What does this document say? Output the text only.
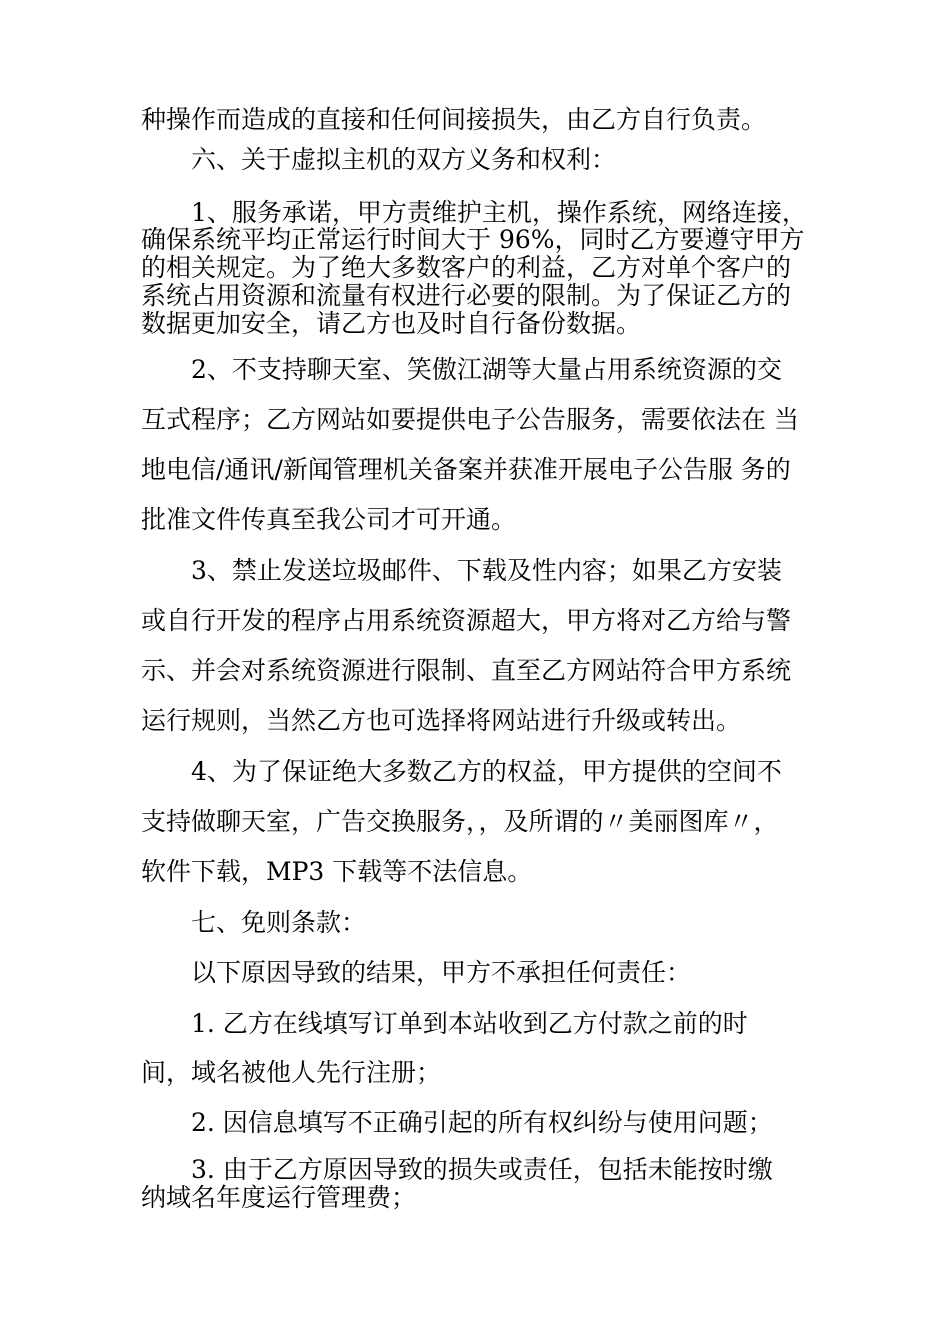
种操作而造成的直接和任何间接损失，由乙方自行负责。
六、关于虚拟主机的双方义务和权利：
1、服务承诺，甲方责维护主机，操作系统，网络连接，
确保系统平均正常运行时间大于 96%，同时乙方要遵守甲方
的相关规定。为了绝大多数客户的利益，乙方对单个客户的
系统占用资源和流量有权进行必要的限制。为了保证乙方的
数据更加安全，请乙方也及时自行备份数据。
2、不支持聊天室、笑傲江湖等大量占用系统资源的交
互式程序；乙方网站如要提供电子公告服务，需要依法在 当
地电信/通讯/新闻管理机关备案并获准开展电子公告服 务的
批准文件传真至我公司才可开通。
3、禁止发送垃圾邮件、下载及性内容；如果乙方安装
或自行开发的程序占用系统资源超大，甲方将对乙方给与警
示、并会对系统资源进行限制、直至乙方网站符合甲方系统
运行规则，当然乙方也可选择将网站进行升级或转出。
4、为了保证绝大多数乙方的权益，甲方提供的空间不
支持做聊天室，广告交换服务，，及所谓的〃美丽图库〃，
软件下载，MP3 下载等不法信息。
七、免则条款：
以下原因导致的结果，甲方不承担任何责任：
1. 乙方在线填写订单到本站收到乙方付款之前的时
间，域名被他人先行注册；
2. 因信息填写不正确引起的所有权纠纷与使用问题；
3. 由于乙方原因导致的损失或责任，包括未能按时缴
纳域名年度运行管理费；
